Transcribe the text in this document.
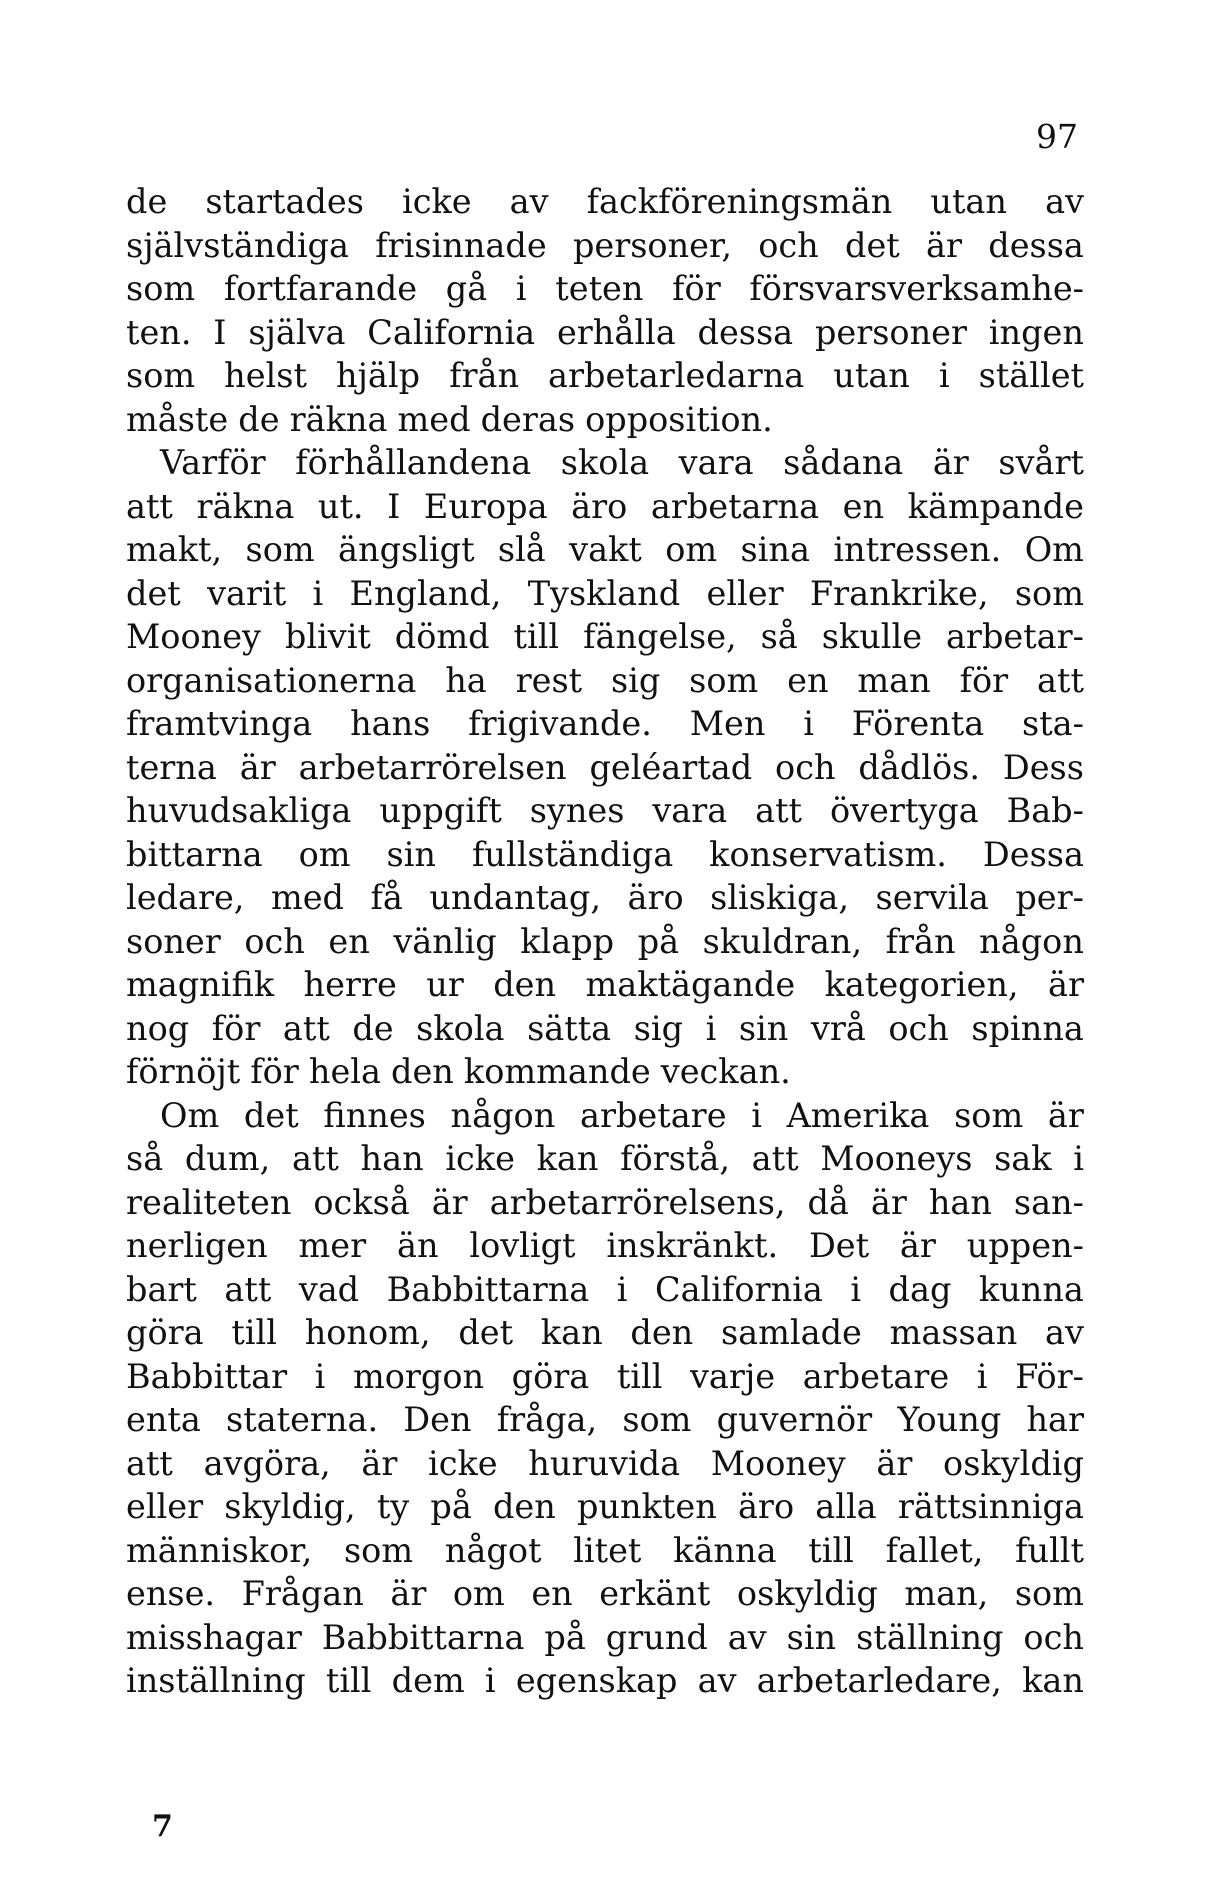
97
de startades icke av fackföreningsmän utan av
självständiga frisinnade personer, och det är dessa
som fortfarande gå i teten för försvarsverksamhe-
ten. I själva California erhålla dessa personer ingen
som helst hjälp från arbetarledarna utan i stället
måste de räkna med deras opposition.
Varför förhållandena skola vara sådana är svårt
att räkna ut. I Europa äro arbetarna en kämpande
makt, som ängsligt slå vakt om sina intressen. Om
det varit i England, Tyskland eller Frankrike, som
Mooney blivit dömd till fängelse, så skulle arbetar-
organisationerna ha rest sig som en man för att
framtvinga hans frigivande. Men i Förenta sta-
terna är arbetarrörelsen geléartad och dådlös. Dess
huvudsakliga uppgift synes vara att övertyga Bab-
bittarna om sin fullständiga konservatism. Dessa
ledare, med få undantag, äro sliskiga, servila per-
soner och en vänlig klapp på skuldran, från någon
magnifik herre ur den maktägande kategorien, är
nog för att de skola sätta sig i sin vrå och spinna
förnöjt för hela den kommande veckan.
Om det finnes någon arbetare i Amerika som är
så dum, att han icke kan förstå, att Mooneys sak i
realiteten också är arbetarrörelsens, då är han san-
nerligen mer än lovligt inskränkt. Det är uppen-
bart att vad Babbittarna i California i dag kunna
göra till honom, det kan den samlade massan av
Babbittar i morgon göra till varje arbetare i För-
enta staterna. Den fråga, som guvernör Young har
att avgöra, är icke huruvida Mooney är oskyldig
eller skyldig, ty på den punkten äro alla rättsinniga
människor, som något litet känna till fallet, fullt
ense. Frågan är om en erkänt oskyldig man, som
misshagar Babbittarna på grund av sin ställning och
inställning till dem i egenskap av arbetarledare, kan
7
